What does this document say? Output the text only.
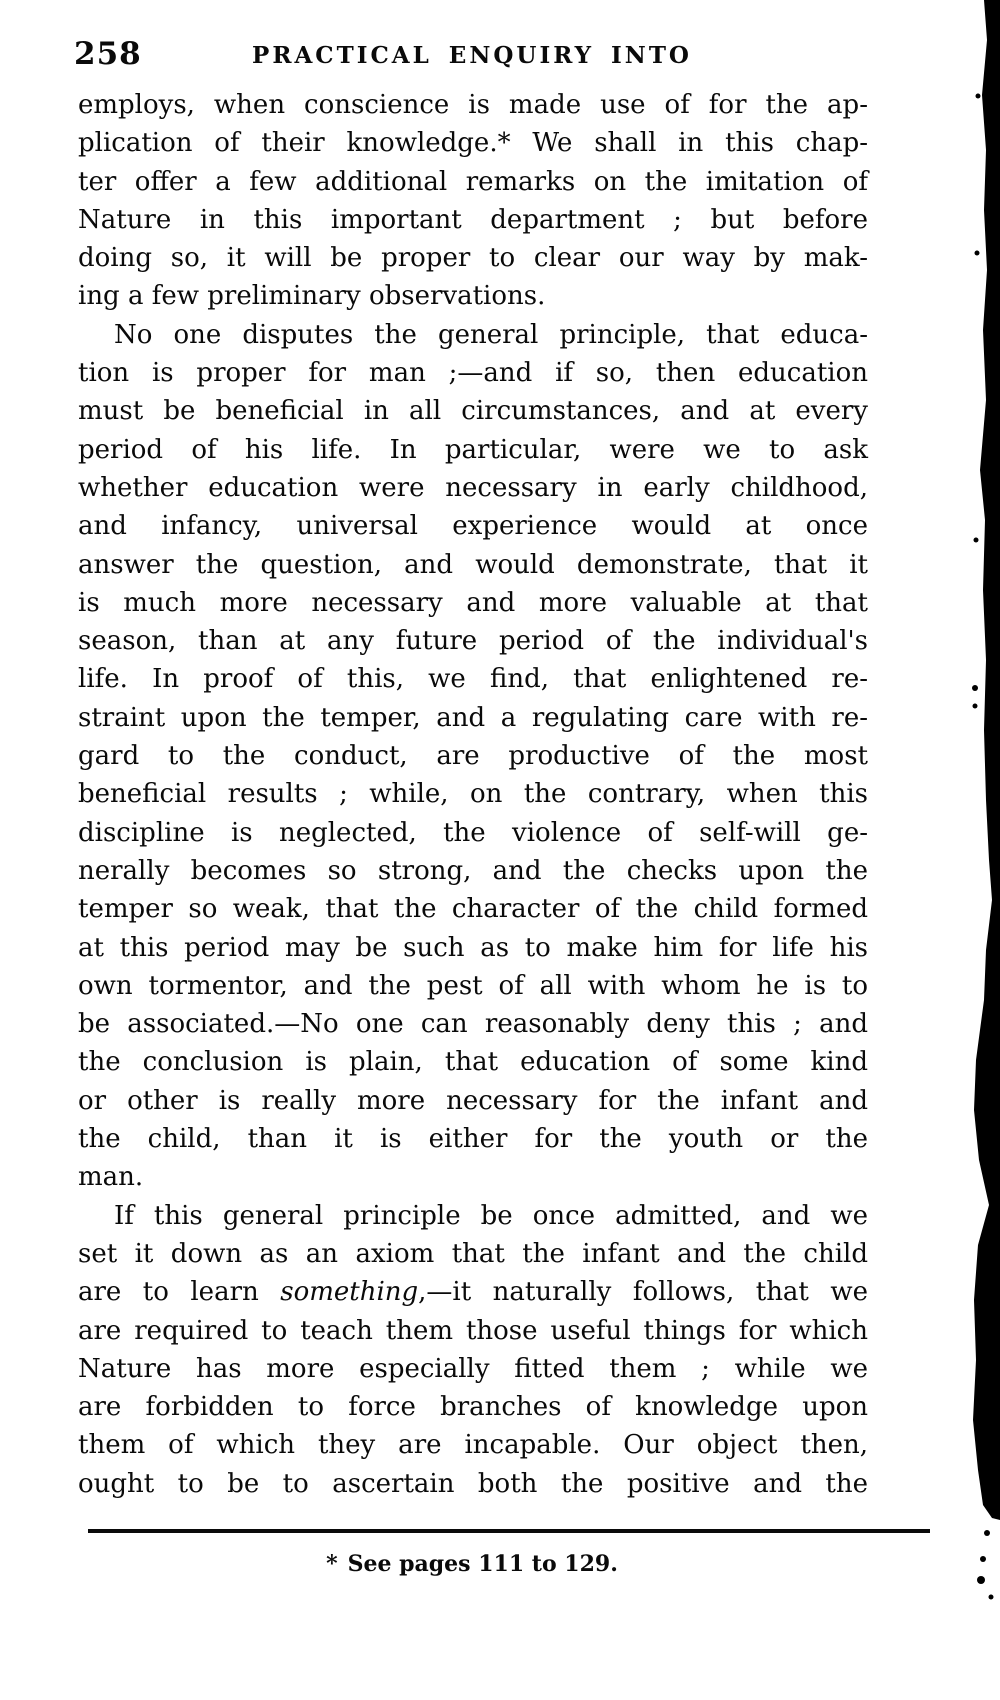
258	PRACTICAL ENQUIRY INTO
employs, when conscience is made use of for the ap-
plication of their knowledge.* We shall in this chap-
ter offer a few additional remarks on the imitation of
Nature in this important department ; but before
doing so, it will be proper to clear our way by mak-
ing a few preliminary observations.
No one disputes the general principle, that educa-
tion is proper for man ;—and if so, then education
must be beneficial in all circumstances, and at every
period of his life. In particular, were we to ask
whether education were necessary in early childhood,
and infancy, universal experience would at once
answer the question, and would demonstrate, that it
is much more necessary and more valuable at that
season, than at any future period of the individual's
life. In proof of this, we find, that enlightened re-
straint upon the temper, and a regulating care with re-
gard to the conduct, are productive of the most
beneficial results ; while, on the contrary, when this
discipline is neglected, the violence of self-will ge-
nerally becomes so strong, and the checks upon the
temper so weak, that the character of the child formed
at this period may be such as to make him for life his
own tormentor, and the pest of all with whom he is to
be associated.—No one can reasonably deny this ; and
the conclusion is plain, that education of some kind
or other is really more necessary for the infant and
the child, than it is either for the youth or the
man.
If this general principle be once admitted, and we
set it down as an axiom that the infant and the child
are to learn something,—it naturally follows, that we
are required to teach them those useful things for which
Nature has more especially fitted them ; while we
are forbidden to force branches of knowledge upon
them of which they are incapable. Our object then,
ought to be to ascertain both the positive and the
* See pages 111 to 129.
